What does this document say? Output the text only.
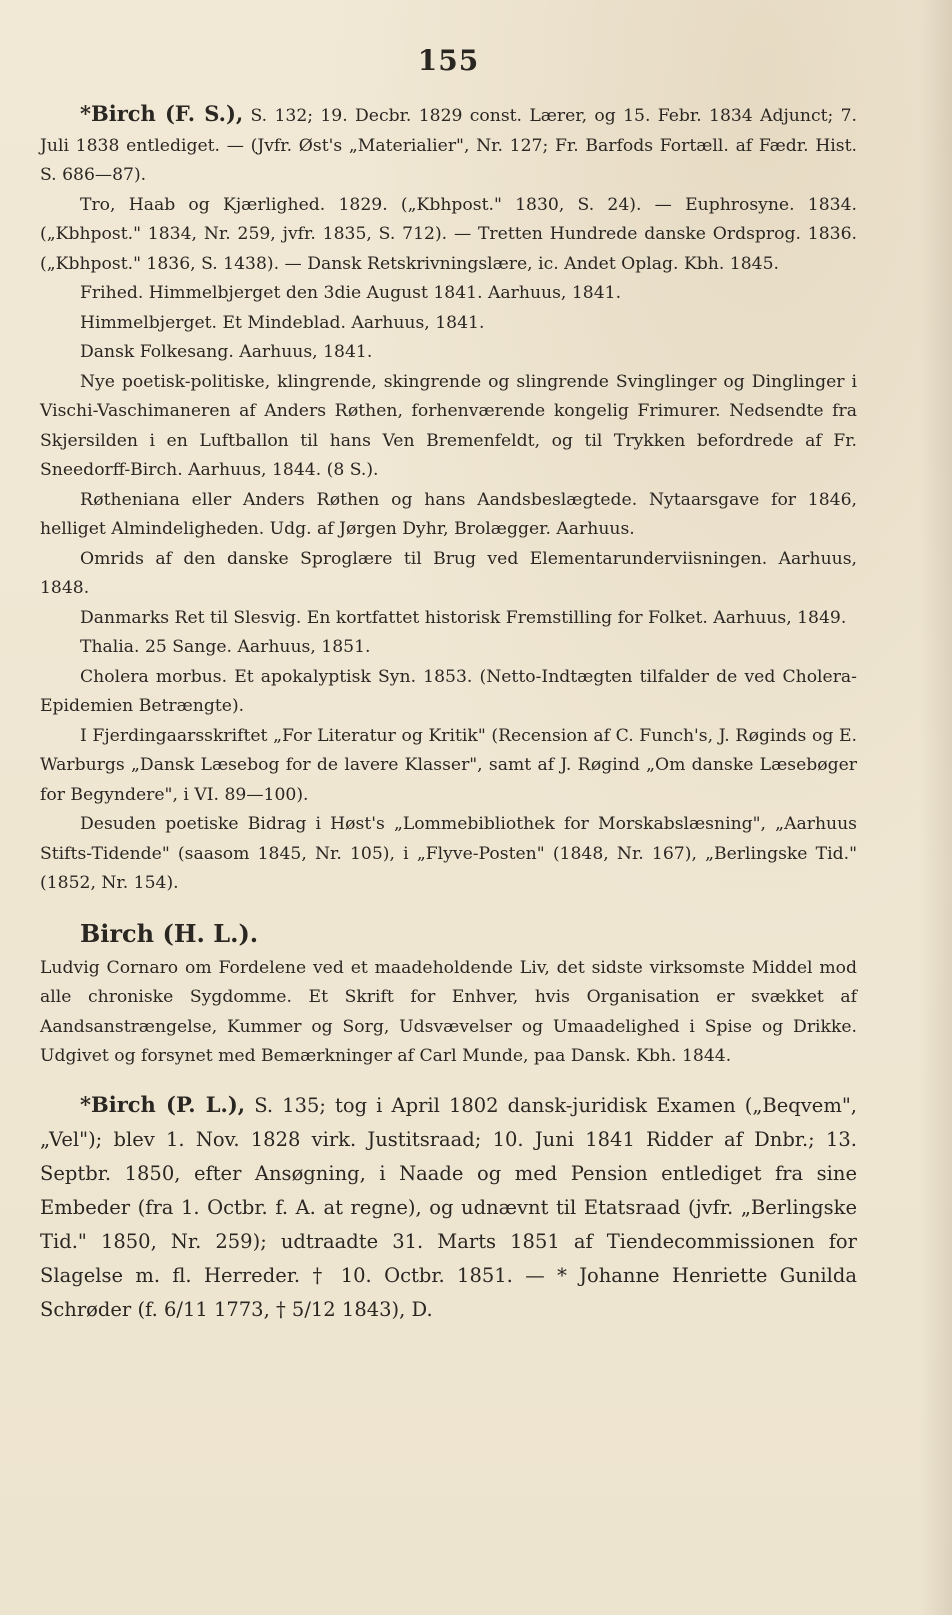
155

*Birch (F. S.), S. 132; 19. Decbr. 1829 const. Lærer, og 15. Febr. 1834 Adjunct; 7. Juli 1838 entlediget. — (Jvfr. Øst's „Materialier", Nr. 127; Fr. Barfods Fortæll. af Fædr. Hist. S. 686—87).

Tro, Haab og Kjærlighed. 1829. („Kbhpost." 1830, S. 24). — Euphrosyne. 1834. („Kbhpost." 1834, Nr. 259, jvfr. 1835, S. 712). — Tretten Hundrede danske Ordsprog. 1836. („Kbhpost." 1836, S. 1438). — Dansk Retskrivningslære, ic. Andet Oplag. Kbh. 1845.

Frihed. Himmelbjerget den 3die August 1841. Aarhuus, 1841.

Himmelbjerget. Et Mindeblad. Aarhuus, 1841.

Dansk Folkesang. Aarhuus, 1841.

Nye poetisk-politiske, klingrende, skingrende og slingrende Svinglinger og Dinglinger i Vischi-Vaschimaneren af Anders Røthen, forhenværende kongelig Frimurer. Nedsendte fra Skjersilden i en Luftballon til hans Ven Bremenfeldt, og til Trykken befordrede af Fr. Sneedorff-Birch. Aarhuus, 1844. (8 S.).

Røtheniana eller Anders Røthen og hans Aandsbeslægtede. Nytaarsgave for 1846, helliget Almindeligheden. Udg. af Jørgen Dyhr, Brolægger. Aarhuus.

Omrids af den danske Sproglære til Brug ved Elementarunderviisningen. Aarhuus, 1848.

Danmarks Ret til Slesvig. En kortfattet historisk Fremstilling for Folket. Aarhuus, 1849.

Thalia. 25 Sange. Aarhuus, 1851.

Cholera morbus. Et apokalyptisk Syn. 1853. (Netto-Indtægten tilfalder de ved Cholera-Epidemien Betrængte).

I Fjerdingaarsskriftet „For Literatur og Kritik" (Recension af C. Funch's, J. Røginds og E. Warburgs „Dansk Læsebog for de lavere Klasser", samt af J. Røgind „Om danske Læsebøger for Begyndere", i VI. 89—100).

Desuden poetiske Bidrag i Høst's „Lommebibliothek for Morskabslæsning", „Aarhuus Stifts-Tidende" (saasom 1845, Nr. 105), i „Flyve-Posten" (1848, Nr. 167), „Berlingske Tid." (1852, Nr. 154).

Birch (H. L.).

Ludvig Cornaro om Fordelene ved et maadeholdende Liv, det sidste virksomste Middel mod alle chroniske Sygdomme. Et Skrift for Enhver, hvis Organisation er svækket af Aandsanstrængelse, Kummer og Sorg, Udsvævelser og Umaadelighed i Spise og Drikke. Udgivet og forsynet med Bemærkninger af Carl Munde, paa Dansk. Kbh. 1844.

*Birch (P. L.), S. 135; tog i April 1802 dansk-juridisk Examen („Beqvem", „Vel"); blev 1. Nov. 1828 virk. Justitsraad; 10. Juni 1841 Ridder af Dnbr.; 13. Septbr. 1850, efter Ansøgning, i Naade og med Pension entlediget fra sine Embeder (fra 1. Octbr. f. A. at regne), og udnævnt til Etatsraad (jvfr. „Berlingske Tid." 1850, Nr. 259); udtraadte 31. Marts 1851 af Tiendecommissionen for Slagelse m. fl. Herreder. † 10. Octbr. 1851. — * Johanne Henriette Gunilda Schrøder (f. 6/11 1773, † 5/12 1843), D.
